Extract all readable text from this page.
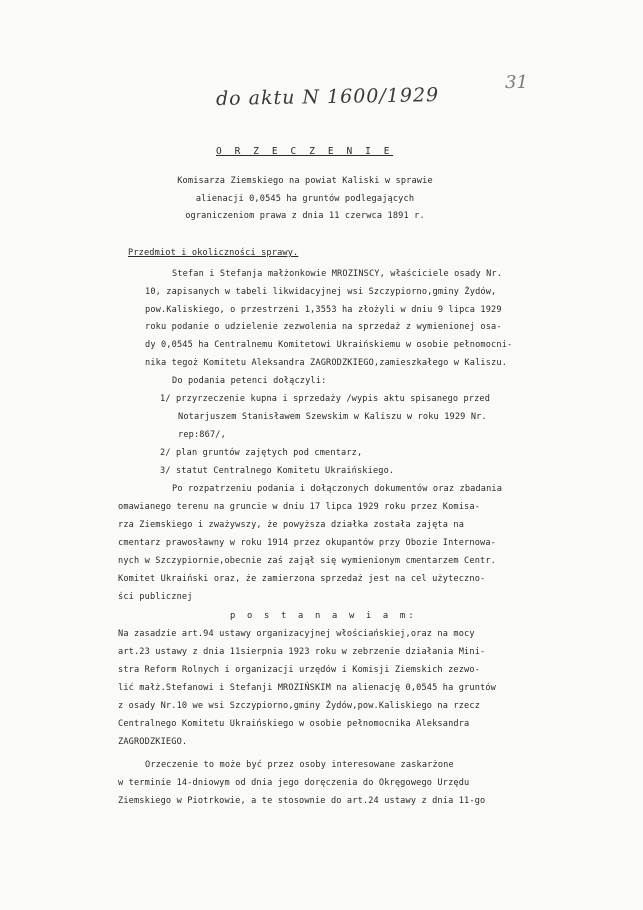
do aktu N 1600/1929
31
O R Z E C Z E N I E
Komisarza Ziemskiego na powiat Kaliski w sprawie
alienacji 0,0545 ha gruntów podlegających
ograniczeniom prawa z dnia 11 czerwca 1891 r.
Przedmiot i okoliczności sprawy.
Stefan i Stefanja małżonkowie MROZINSCY, właściciele osady Nr.
10, zapisanych w tabeli likwidacyjnej wsi Szczypiorno,gminy Żydów,
pow.Kaliskiego, o przestrzeni 1,3553 ha złożyli w dniu 9 lipca 1929
roku podanie o udzielenie zezwolenia na sprzedaż z wymienionej osa-
dy 0,0545 ha Centralnemu Komitetowi Ukraińskiemu w osobie pełnomocni-
nika tegoż Komitetu Aleksandra ZAGRODZKIEGO,zamieszkałego w Kaliszu.
Do podania petenci dołączyli:
1/ przyrzeczenie kupna i sprzedaży /wypis aktu spisanego przed
Notarjuszem Stanisławem Szewskim w Kaliszu w roku 1929 Nr.
rep:867/,
2/ plan gruntów zajętych pod cmentarz,
3/ statut Centralnego Komitetu Ukraińskiego.
Po rozpatrzeniu podania i dołączonych dokumentów oraz zbadania
omawianego terenu na gruncie w dniu 17 lipca 1929 roku przez Komisa-
rza Ziemskiego i zważywszy, że powyższa działka została zajęta na
cmentarz prawosławny w roku 1914 przez okupantów przy Obozie Internowa-
nych w Szczypiornie,obecnie zaś zajął się wymienionym cmentarzem Centr.
Komitet Ukraiński oraz, że zamierzona sprzedaż jest na cel użyteczno-
ści publicznej
p o s t a n a w i a m:
Na zasadzie art.94 ustawy organizacyjnej włościańskiej,oraz na mocy
art.23 ustawy z dnia 11sierpnia 1923 roku w zebrzenie działania Mini-
stra Reform Rolnych i organizacji urzędów i Komisji Ziemskich zezwo-
lić małż.Stefanowi i Stefanji MROZIŃSKIM na alienację 0,0545 ha gruntów
z osady Nr.10 we wsi Szczypiorno,gminy Żydów,pow.Kaliskiego na rzecz
Centralnego Komitetu Ukraińskiego w osobie pełnomocnika Aleksandra
ZAGRODZKIEGO.
Orzeczenie to może być przez osoby interesowane zaskarżone
w terminie 14-dniowym od dnia jego doręczenia do Okręgowego Urzędu
Ziemskiego w Piotrkowie, a te stosownie do art.24 ustawy z dnia 11-go
